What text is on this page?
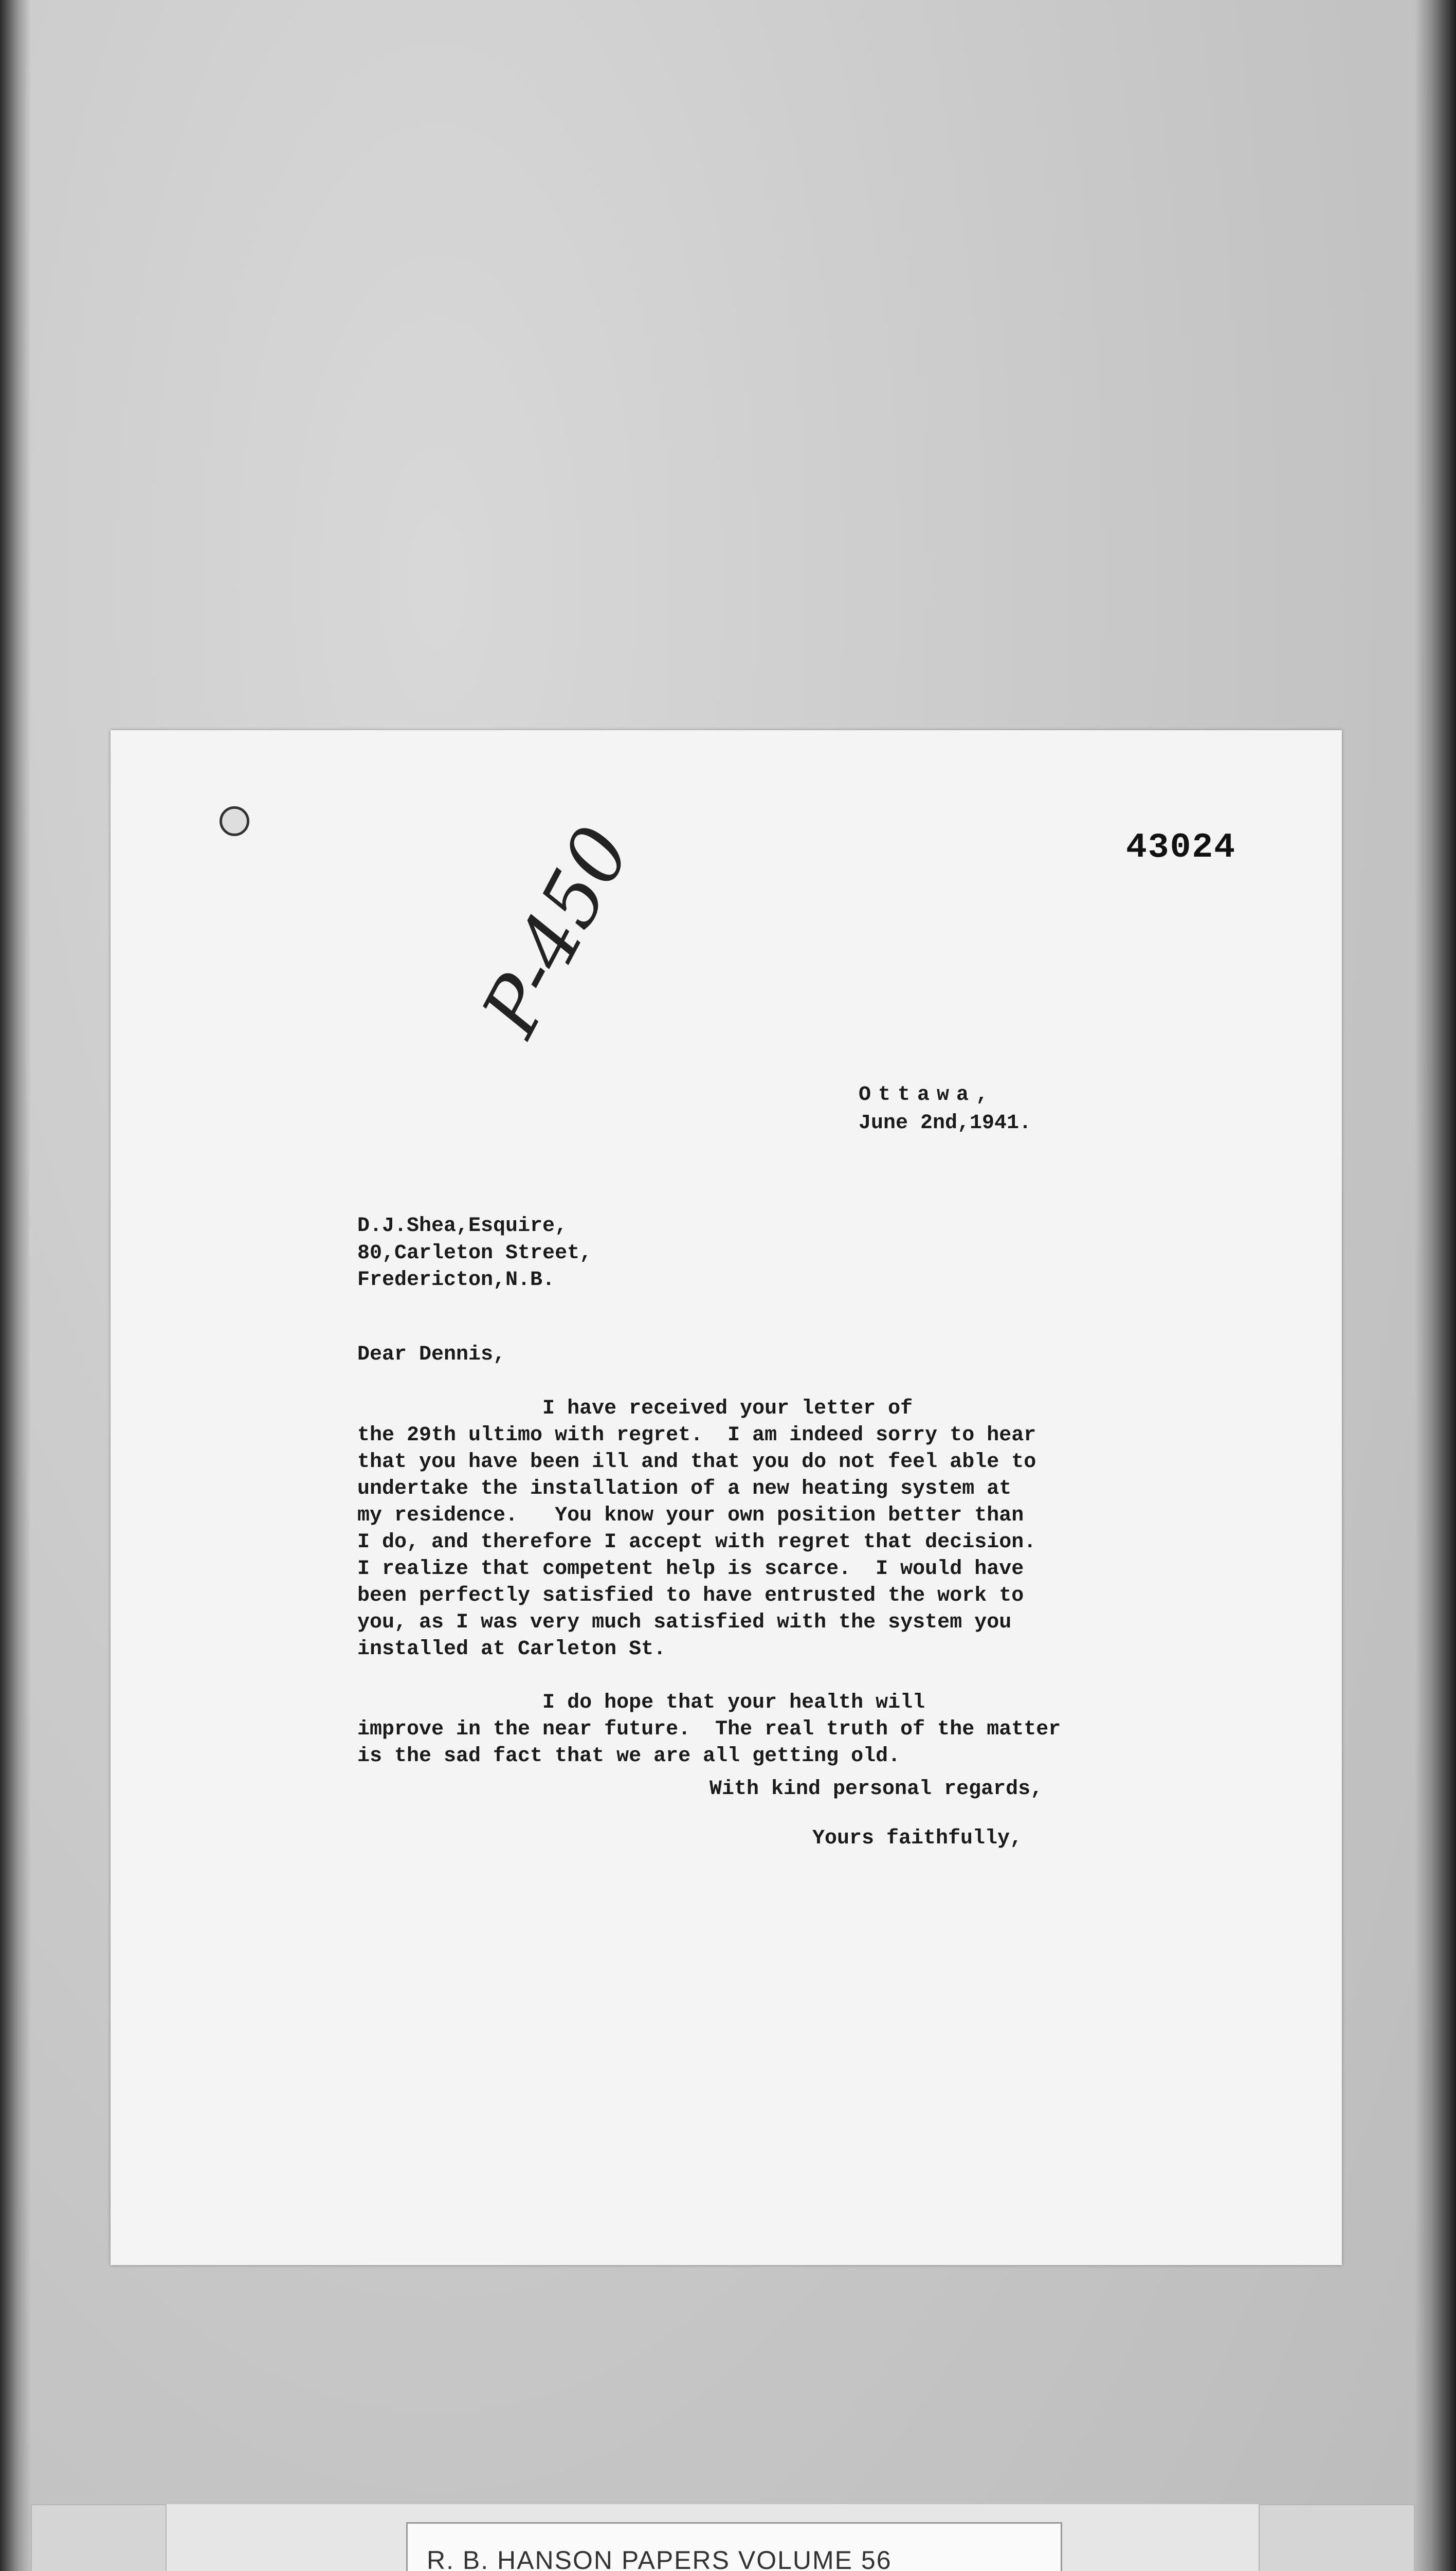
43024
P-450
Ottawa,
June 2nd,1941.
D.J.Shea,Esquire,
80,Carleton Street,
Fredericton,N.B.
Dear Dennis,
I have received your letter of
the 29th ultimo with regret.  I am indeed sorry to hear
that you have been ill and that you do not feel able to
undertake the installation of a new heating system at
my residence.   You know your own position better than
I do, and therefore I accept with regret that decision.
I realize that competent help is scarce.  I would have
been perfectly satisfied to have entrusted the work to
you, as I was very much satisfied with the system you
installed at Carleton St.
I do hope that your health will
improve in the near future.  The real truth of the matter
is the sad fact that we are all getting old.
With kind personal regards,
Yours faithfully,
R. B. HANSON PAPERS VOLUME 56
